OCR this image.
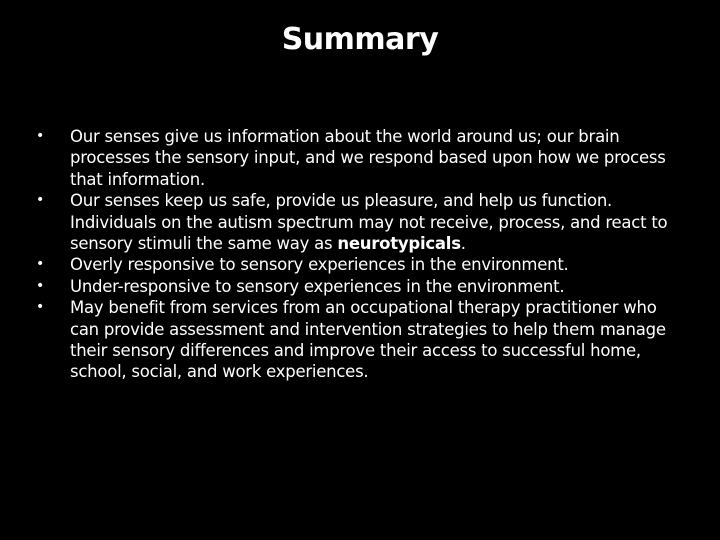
Summary
•	Our senses give us information about the world around us; our brain processes the sensory input, and we respond based upon how we process that information.
•	Our senses keep us safe, provide us pleasure, and help us function. Individuals on the autism spectrum may not receive, process, and react to sensory stimuli the same way as neurotypicals.
•	Overly responsive to sensory experiences in the environment.
•	Under-responsive to sensory experiences in the environment.
•	May benefit from services from an occupational therapy practitioner who can provide assessment and intervention strategies to help them manage their sensory differences and improve their access to successful home, school, social, and work experiences.
